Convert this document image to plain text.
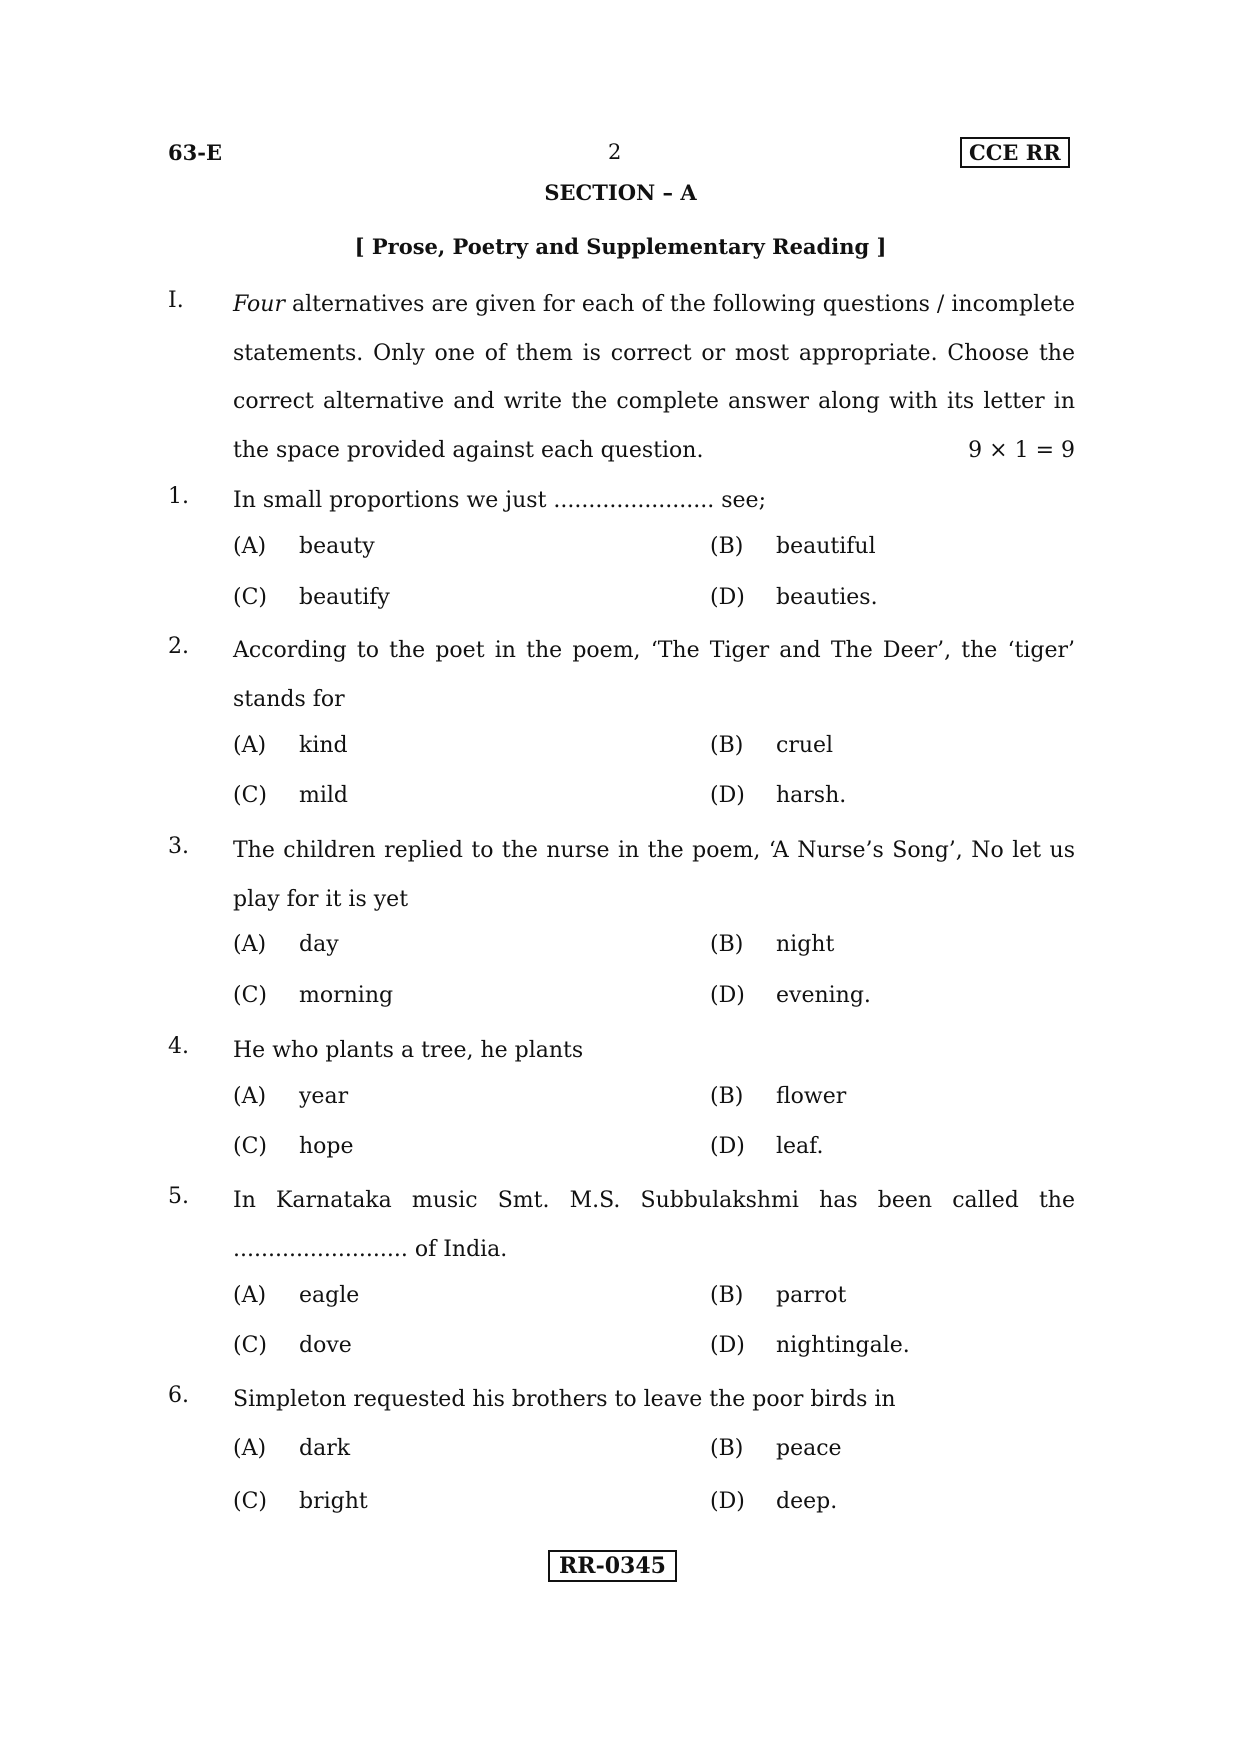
63-E	2	CCE RR
SECTION – A
[ Prose, Poetry and Supplementary Reading ]
I. Four alternatives are given for each of the following questions / incomplete statements. Only one of them is correct or most appropriate. Choose the correct alternative and write the complete answer along with its letter in the space provided against each question.	9 × 1 = 9
1. In small proportions we just ....................... see;
(A) beauty	(B) beautiful
(C) beautify	(D) beauties.
2. According to the poet in the poem, ‘The Tiger and The Deer’, the ‘tiger’ stands for
(A) kind	(B) cruel
(C) mild	(D) harsh.
3. The children replied to the nurse in the poem, ‘A Nurse’s Song’, No let us play for it is yet
(A) day	(B) night
(C) morning	(D) evening.
4. He who plants a tree, he plants
(A) year	(B) flower
(C) hope	(D) leaf.
5. In Karnataka music Smt. M.S. Subbulakshmi has been called the ......................... of India.
(A) eagle	(B) parrot
(C) dove	(D) nightingale.
6. Simpleton requested his brothers to leave the poor birds in
(A) dark	(B) peace
(C) bright	(D) deep.
RR-0345
